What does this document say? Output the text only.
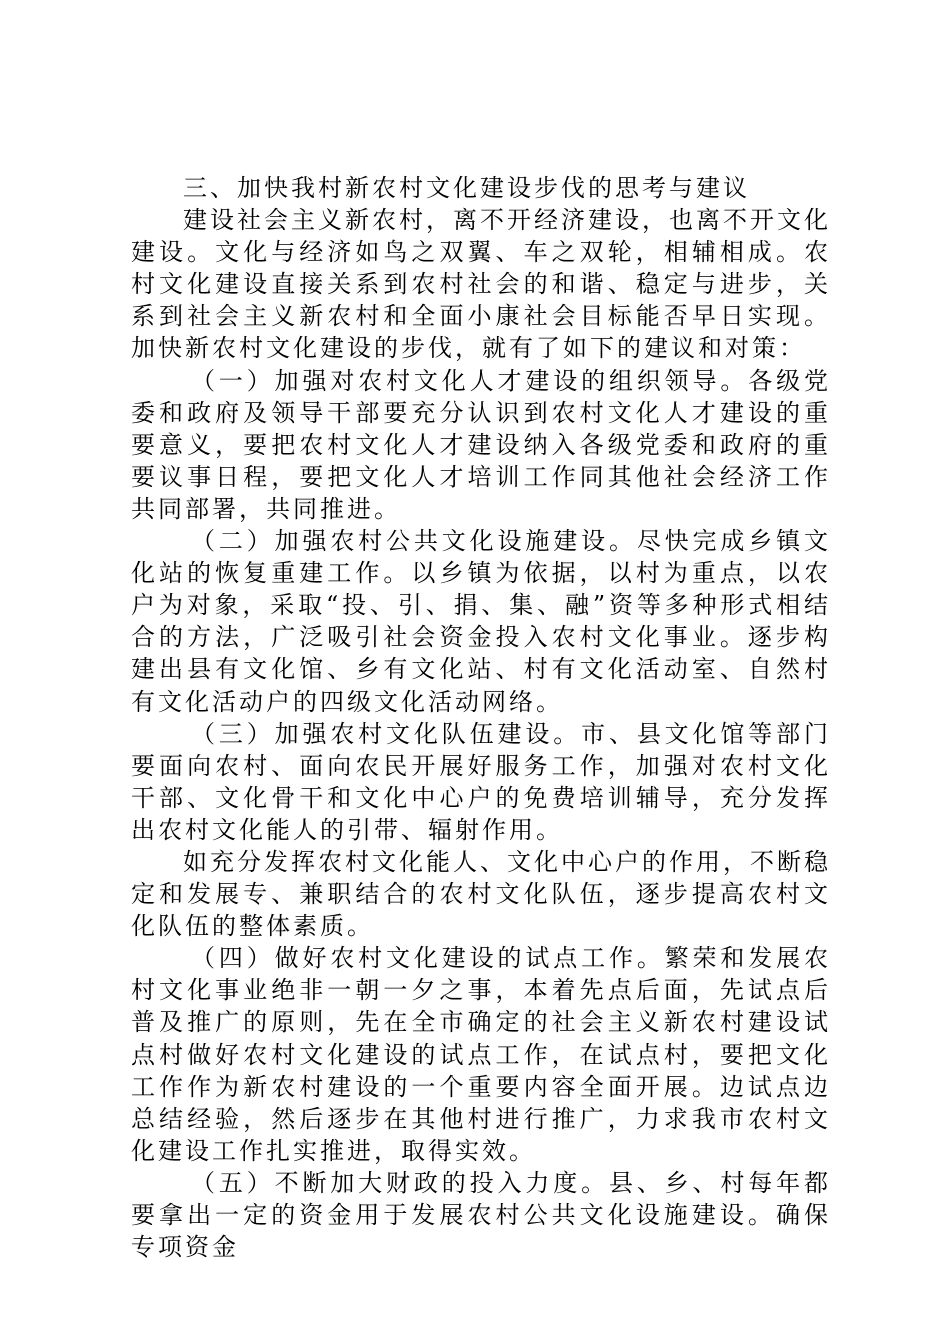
三、加快我村新农村文化建设步伐的思考与建议

建设社会主义新农村，离不开经济建设，也离不开文化建设。文化与经济如鸟之双翼、车之双轮，相辅相成。农村文化建设直接关系到农村社会的和谐、稳定与进步，关系到社会主义新农村和全面小康社会目标能否早日实现。加快新农村文化建设的步伐，就有了如下的建议和对策：

（一）加强对农村文化人才建设的组织领导。各级党委和政府及领导干部要充分认识到农村文化人才建设的重要意义，要把农村文化人才建设纳入各级党委和政府的重要议事日程，要把文化人才培训工作同其他社会经济工作共同部署，共同推进。

（二）加强农村公共文化设施建设。尽快完成乡镇文化站的恢复重建工作。以乡镇为依据，以村为重点，以农户为对象，采取“投、引、捐、集、融”资等多种形式相结合的方法，广泛吸引社会资金投入农村文化事业。逐步构建出县有文化馆、乡有文化站、村有文化活动室、自然村有文化活动户的四级文化活动网络。

（三）加强农村文化队伍建设。市、县文化馆等部门要面向农村、面向农民开展好服务工作，加强对农村文化干部、文化骨干和文化中心户的免费培训辅导，充分发挥出农村文化能人的引带、辐射作用。

如充分发挥农村文化能人、文化中心户的作用，不断稳定和发展专、兼职结合的农村文化队伍，逐步提高农村文化队伍的整体素质。

（四）做好农村文化建设的试点工作。繁荣和发展农村文化事业绝非一朝一夕之事，本着先点后面，先试点后普及推广的原则，先在全市确定的社会主义新农村建设试点村做好农村文化建设的试点工作，在试点村，要把文化工作作为新农村建设的一个重要内容全面开展。边试点边总结经验，然后逐步在其他村进行推广，力求我市农村文化建设工作扎实推进，取得实效。

（五）不断加大财政的投入力度。县、乡、村每年都要拿出一定的资金用于发展农村公共文化设施建设。确保专项资金
